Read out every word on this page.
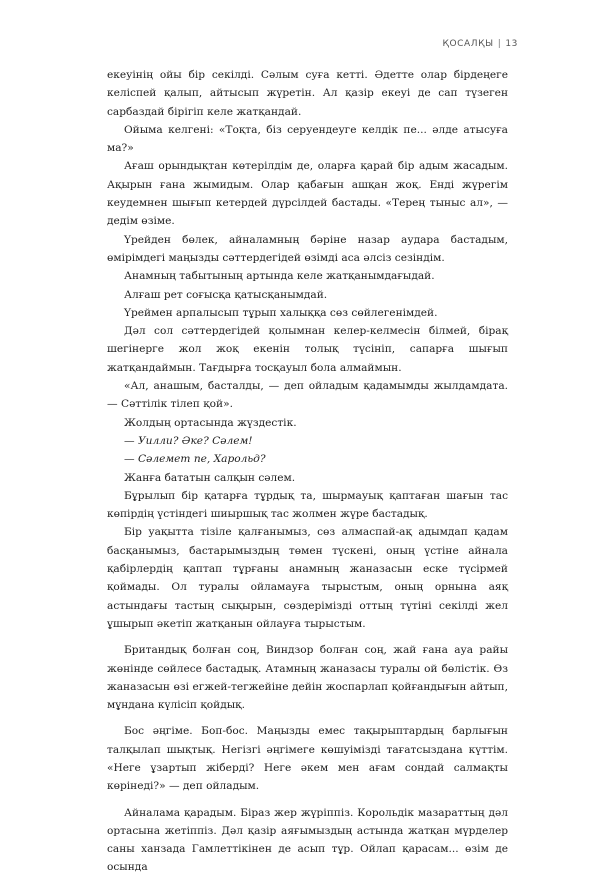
ҚОСАЛҚЫ | 13

екеуінің ойы бір секілді. Сәлым суға кетті. Әдетте олар бірдеңеге келіспей қалып, айтысып жүретін. Ал қазір екеуі де сап түзеген сарбаздай бірігіп келе жатқандай.

Ойыма келгені: «Тоқта, біз серуендеуге келдік пе... әлде атысуға ма?»

Ағаш орындықтан көтерілдім де, оларға қарай бір адым жасадым. Ақырын ғана жымидым. Олар қабағын ашқан жоқ. Енді жүрегім кеудемнен шығып кетердей дүрсілдей бастады. «Терең тыныс ал», — дедім өзіме.

Үрейден бөлек, айналамның бәріне назар аудара бастадым, өмірімдегі маңызды сәттердегідей өзімді аса әлсіз сезіндім.

Анамның табытының артында келе жатқанымдағыдай.

Алғаш рет соғысқа қатысқанымдай.

Үреймен арпалысып тұрып халыққа сөз сөйлегенімдей.

Дәл сол сәттердегідей қолымнан келер-келмесін білмей, бірақ шегінерге жол жоқ екенін толық түсініп, сапарға шығып жатқандаймын. Тағдырға тосқауыл бола алмаймын.

«Ал, анашым, басталды, — деп ойладым қадамымды жылдамдата. — Сәттілік тілеп қой».

Жолдың ортасында жүздестік.

— Уилли? Әке? Сәлем!

— Сәлемет пе, Харольд?

Жанға бататын салқын сәлем.

Бұрылып бір қатарға тұрдық та, шырмауық қаптаған шағын тас көпірдің үстіндегі шиыршық тас жолмен жүре бастадық.

Бір уақытта тізіле қалғанымыз, сөз алмаспай-ақ адымдап қадам басқанымыз, бастарымыздың төмен түскені, оның үстіне айнала қабірлердің қаптап тұрғаны анамның жаназасын еске түсірмей қоймады. Ол туралы ойламауға тырыстым, оның орнына аяқ астындағы тастың сықырын, сөздерімізді оттың түтіні секілді жел ұшырып әкетіп жатқанын ойлауға тырыстым.

Британдық болған соң, Виндзор болған соң, жай ғана ауа райы жөнінде сөйлесе бастадық. Атамның жаназасы туралы ой бөлістік. Өз жаназасын өзі егжей-тегжейіне дейін жоспарлап қойғандығын айтып, мұндана күлісіп қойдық.

Бос әңгіме. Боп-бос. Маңызды емес тақырыптардың барлығын талқылап шықтық. Негізгі әңгімеге көшуімізді тағатсыздана күттім. «Неге ұзартып жіберді? Неге әкем мен ағам сондай салмақты көрінеді?» — деп ойладым.

Айналама қарадым. Біраз жер жүріппіз. Корольдік мазараттың дәл ортасына жетіппіз. Дәл қазір аяғымыздың астында жатқан мүрделер саны ханзада Гамлеттікінен де асып тұр. Ойлап қарасам... өзім де осында
